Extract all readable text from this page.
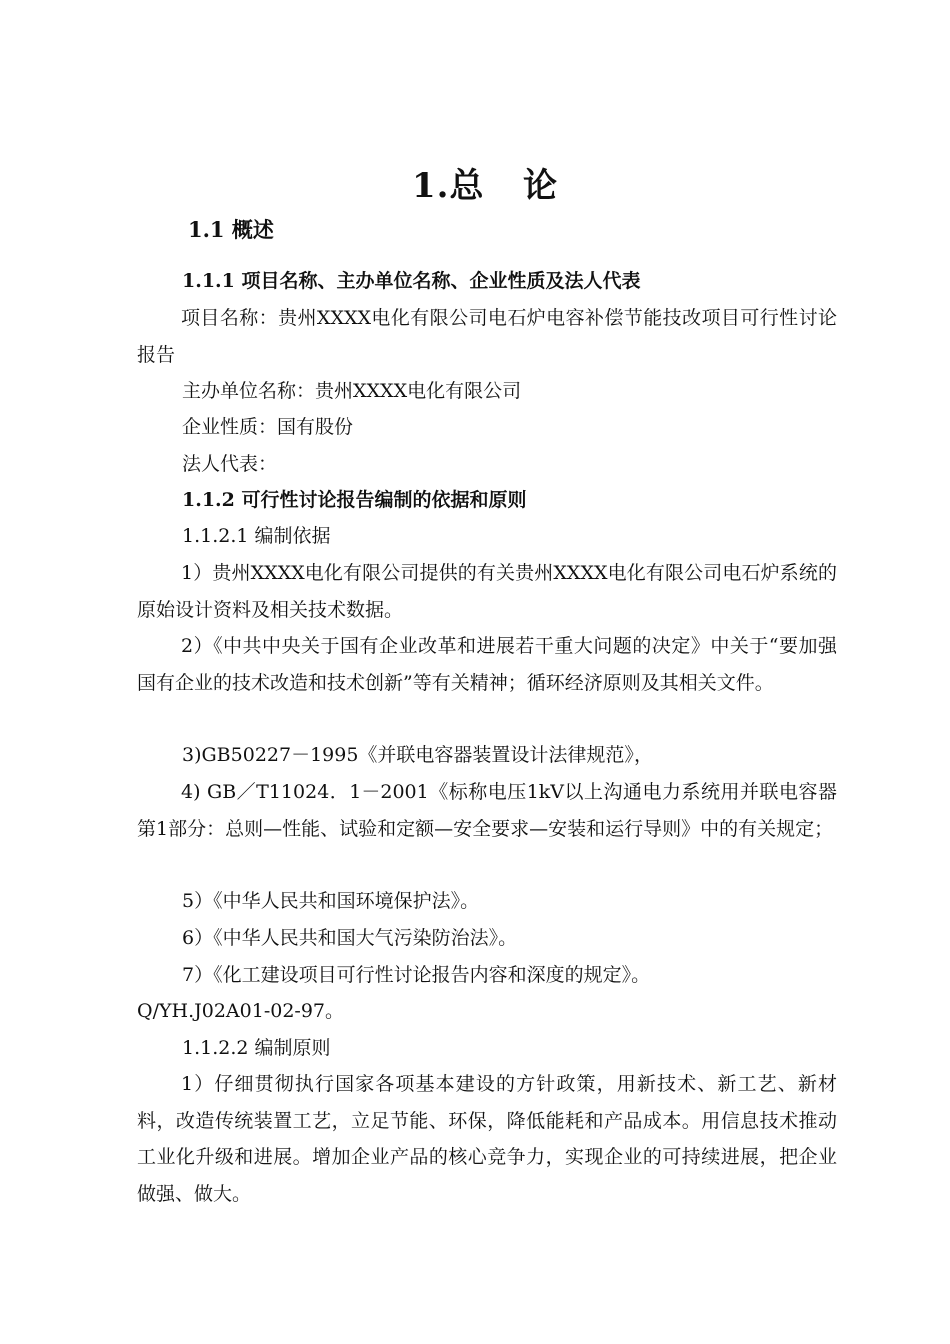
1.总   论
1.1 概述
1.1.1 项目名称、主办单位名称、企业性质及法人代表
项目名称：贵州XXXX电化有限公司电石炉电容补偿节能技改项目可行性讨论报告
主办单位名称：贵州XXXX电化有限公司
企业性质：国有股份
法人代表：
1.1.2 可行性讨论报告编制的依据和原则
1.1.2.1 编制依据
1）贵州XXXX电化有限公司提供的有关贵州XXXX电化有限公司电石炉系统的原始设计资料及相关技术数据。
2）《中共中央关于国有企业改革和进展若干重大问题的决定》中关于“要加强国有企业的技术改造和技术创新”等有关精神；循环经济原则及其相关文件。
3)GB50227－1995《并联电容器装置设计法律规范》，
4) GB／T11024．1－2001《标称电压1kV以上沟通电力系统用并联电容器第1部分：总则—性能、试验和定额—安全要求—安装和运行导则》中的有关规定；
5）《中华人民共和国环境保护法》。
6）《中华人民共和国大气污染防治法》。
7）《化工建设项目可行性讨论报告内容和深度的规定》。
Q/YH.J02A01-02-97。
1.1.2.2 编制原则
1）仔细贯彻执行国家各项基本建设的方针政策，用新技术、新工艺、新材料，改造传统装置工艺，立足节能、环保，降低能耗和产品成本。用信息技术推动工业化升级和进展。增加企业产品的核心竞争力，实现企业的可持续进展，把企业做强、做大。
